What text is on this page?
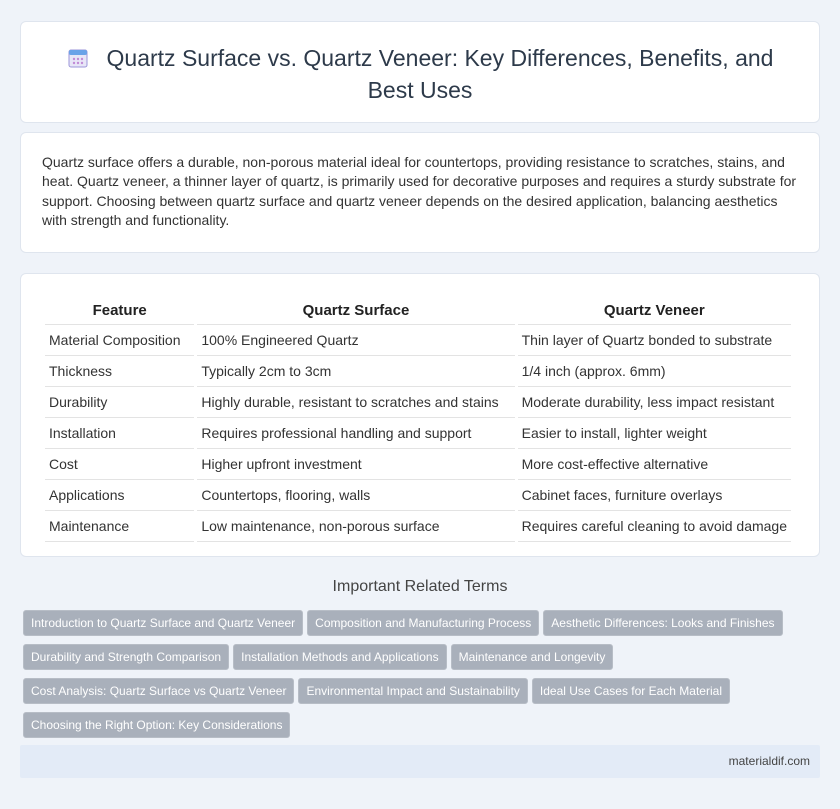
Quartz Surface vs. Quartz Veneer: Key Differences, Benefits, and Best Uses

Quartz surface offers a durable, non-porous material ideal for countertops, providing resistance to scratches, stains, and heat. Quartz veneer, a thinner layer of quartz, is primarily used for decorative purposes and requires a sturdy substrate for support. Choosing between quartz surface and quartz veneer depends on the desired application, balancing aesthetics with strength and functionality.

Feature	Quartz Surface	Quartz Veneer
Material Composition	100% Engineered Quartz	Thin layer of Quartz bonded to substrate
Thickness	Typically 2cm to 3cm	1/4 inch (approx. 6mm)
Durability	Highly durable, resistant to scratches and stains	Moderate durability, less impact resistant
Installation	Requires professional handling and support	Easier to install, lighter weight
Cost	Higher upfront investment	More cost-effective alternative
Applications	Countertops, flooring, walls	Cabinet faces, furniture overlays
Maintenance	Low maintenance, non-porous surface	Requires careful cleaning to avoid damage
Important Related Terms
Introduction to Quartz Surface and Quartz Veneer Composition and Manufacturing Process Aesthetic Differences: Looks and Finishes
Durability and Strength Comparison Installation Methods and Applications Maintenance and Longevity
Cost Analysis: Quartz Surface vs Quartz Veneer Environmental Impact and Sustainability Ideal Use Cases for Each Material
Choosing the Right Option: Key Considerations
materialdif.com
